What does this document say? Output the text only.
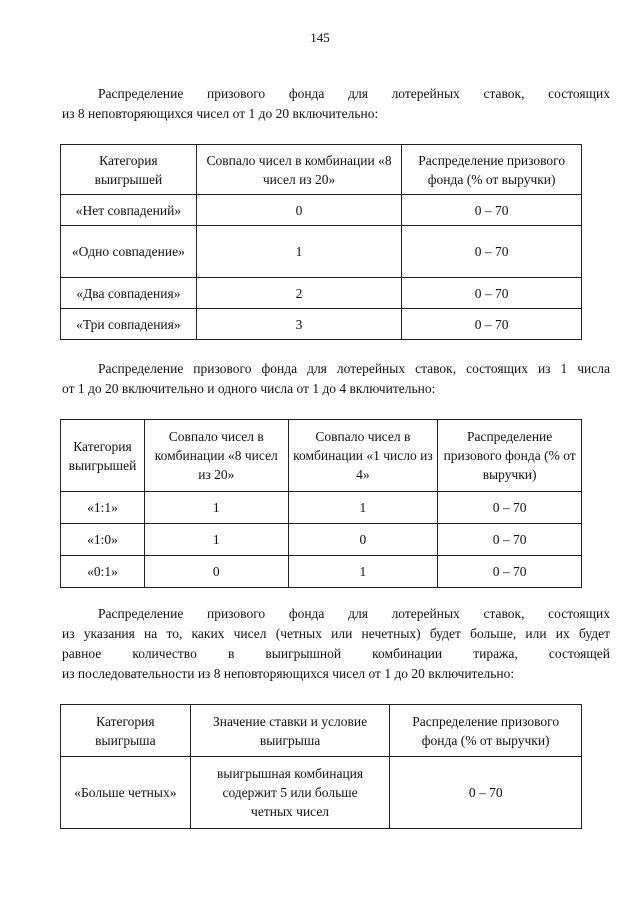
145
Распределение призового фонда для лотерейных ставок, состоящих
из 8 неповторяющихся чисел от 1 до 20 включительно:
Категория выигрышей	Совпало чисел в комбинации «8 чисел из 20»	Распределение призового фонда (% от выручки)
«Нет совпадений»	0	0 – 70
«Одно совпадение»	1	0 – 70
«Два совпадения»	2	0 – 70
«Три совпадения»	3	0 – 70
Распределение призового фонда для лотерейных ставок, состоящих из 1 числа
от 1 до 20 включительно и одного числа от 1 до 4 включительно:
Категория выигрышей	Совпало чисел в комбинации «8 чисел из 20»	Совпало чисел в комбинации «1 число из 4»	Распределение призового фонда (% от выручки)
«1:1»	1	1	0 – 70
«1:0»	1	0	0 – 70
«0:1»	0	1	0 – 70
Распределение призового фонда для лотерейных ставок, состоящих
из указания на то, каких чисел (четных или нечетных) будет больше, или их будет
равное количество в выигрышной комбинации тиража, состоящей
из последовательности из 8 неповторяющихся чисел от 1 до 20 включительно:
Категория выигрыша	Значение ставки и условие выигрыша	Распределение призового фонда (% от выручки)
«Больше четных»	выигрышная комбинация содержит 5 или больше четных чисел	0 – 70
